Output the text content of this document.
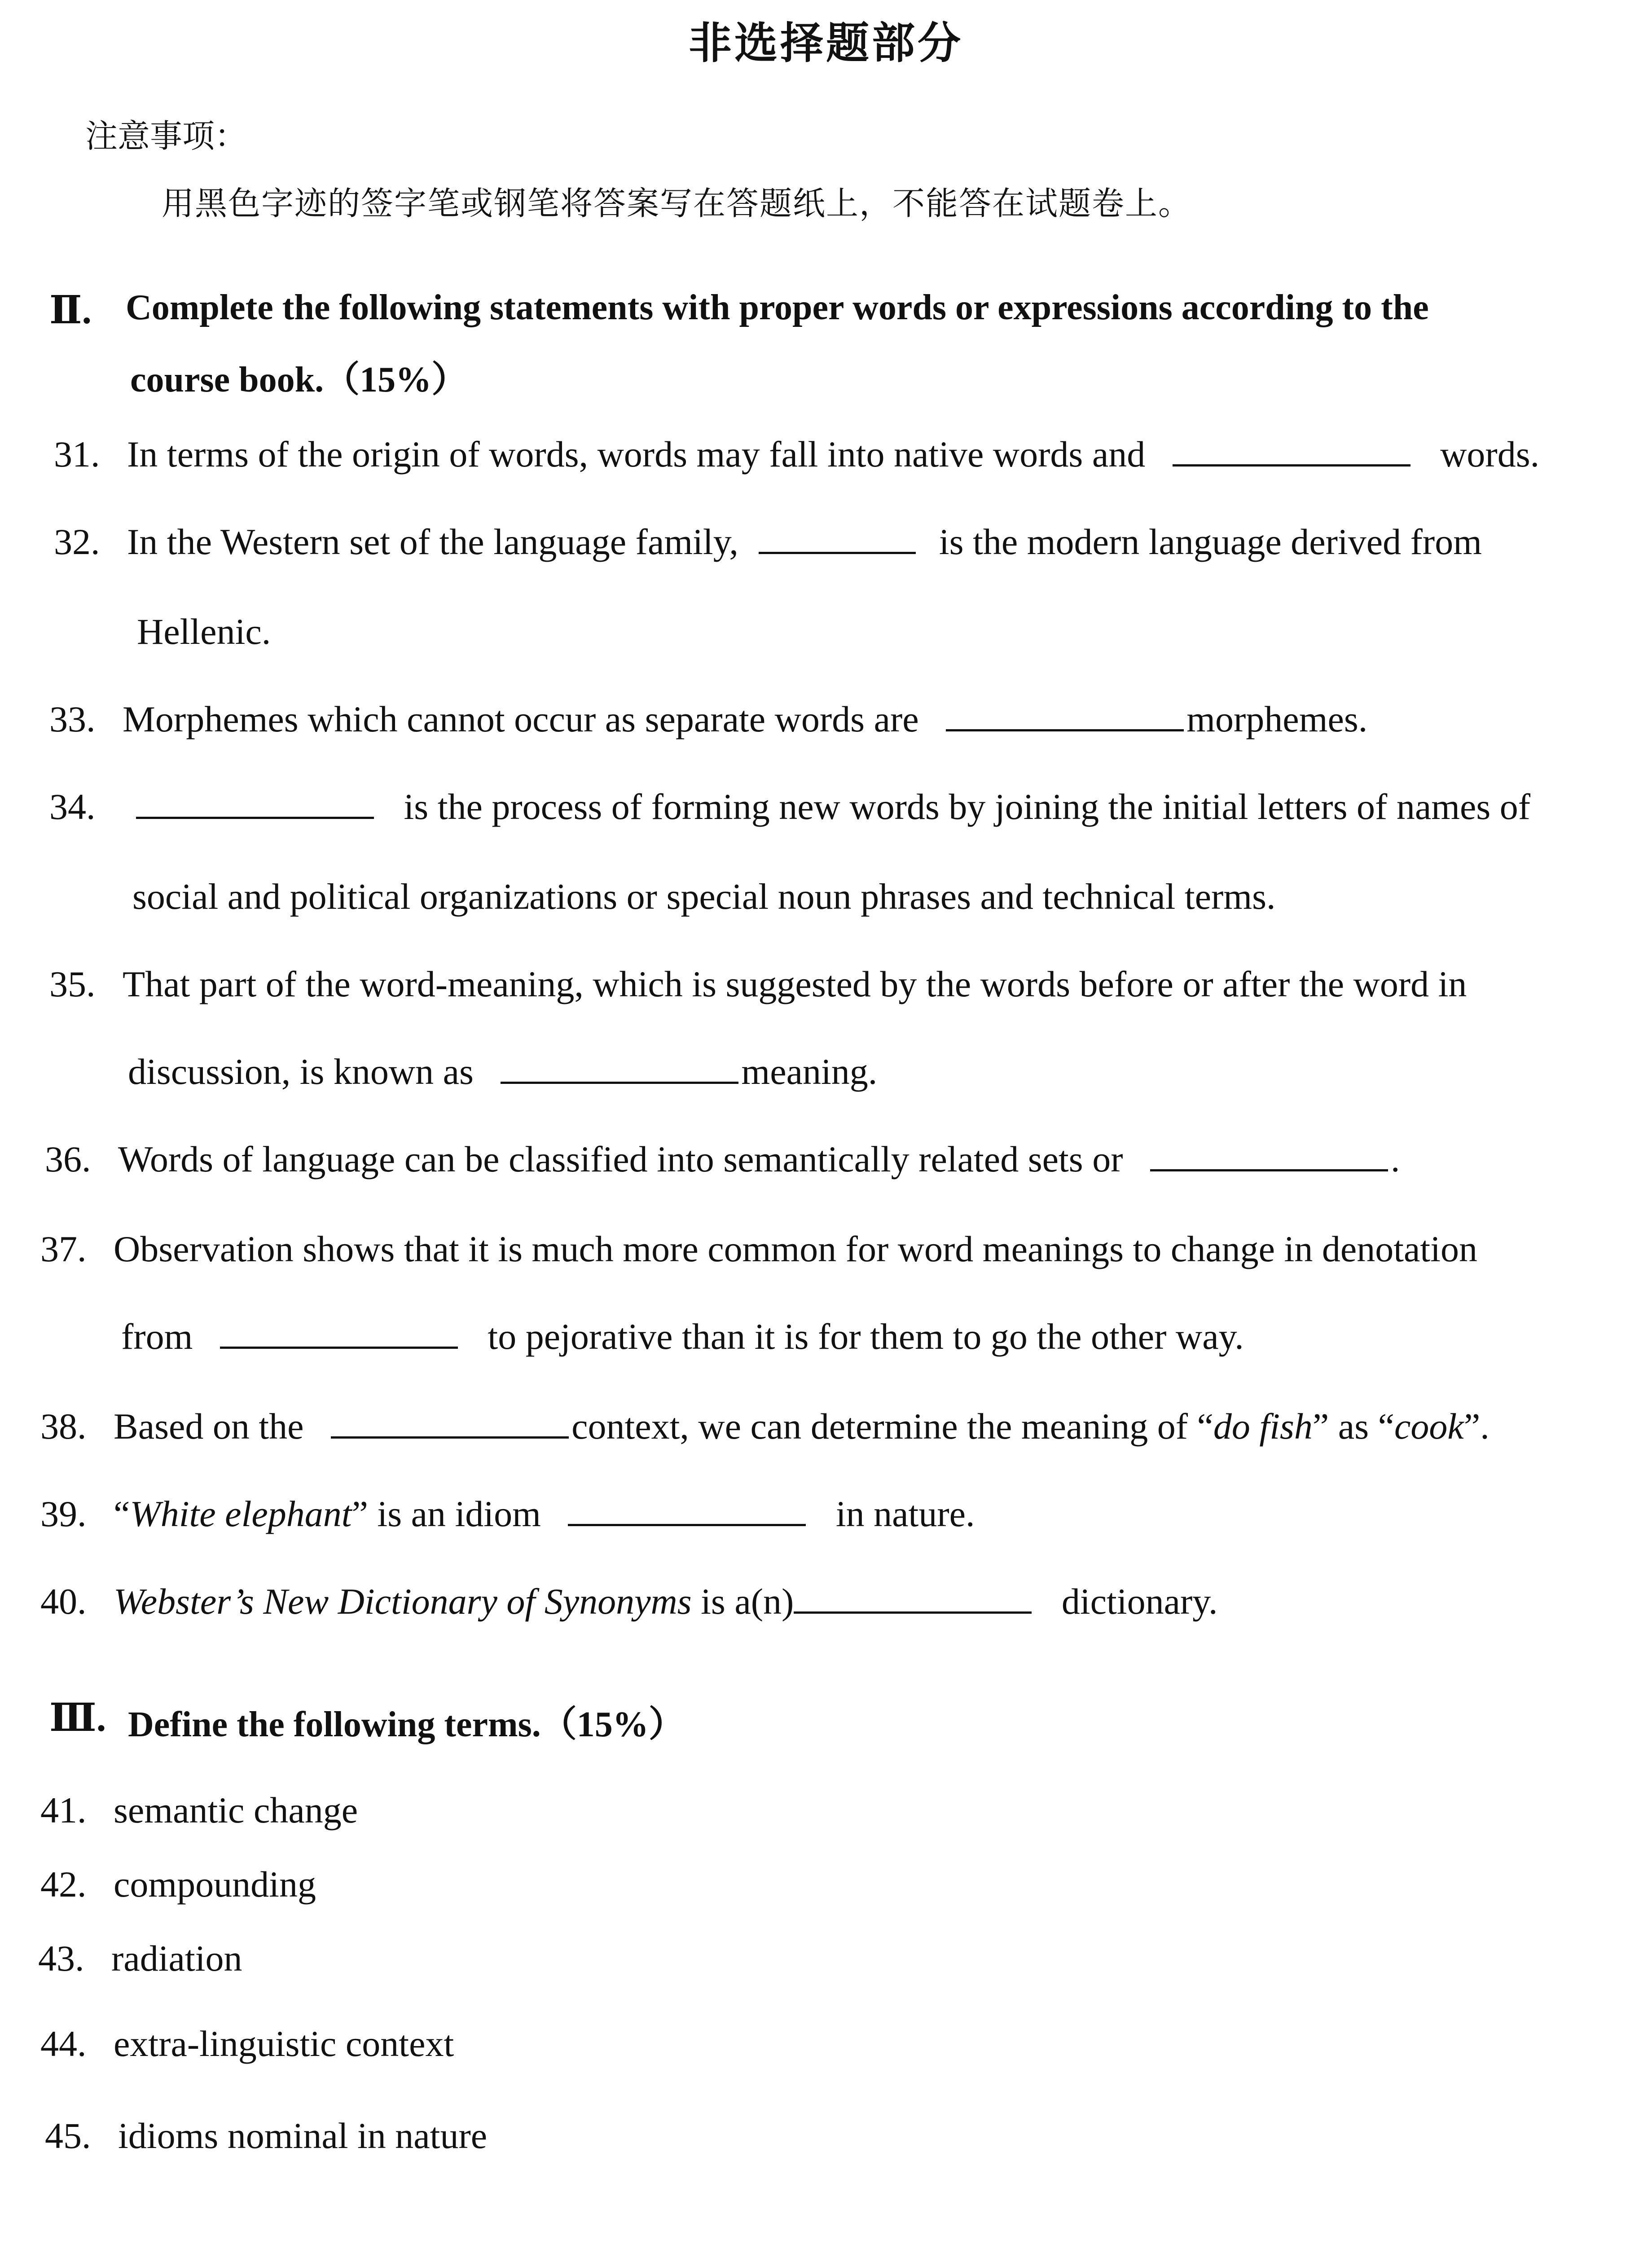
非选择题部分
注意事项：
用黑色字迹的签字笔或钢笔将答案写在答题纸上，不能答在试题卷上。
Ⅱ. Complete the following statements with proper words or expressions according to the
course book.（15%）
31. In terms of the origin of words, words may fall into native words and	words.
32. In the Western set of the language family,	is the modern language derived from
Hellenic.
33. Morphemes which cannot occur as separate words are	morphemes.
34.	is the process of forming new words by joining the initial letters of names of
social and political organizations or special noun phrases and technical terms.
35. That part of the word-meaning, which is suggested by the words before or after the word in
discussion, is known as	meaning.
36. Words of language can be classified into semantically related sets or	.
37. Observation shows that it is much more common for word meanings to change in denotation
from	to pejorative than it is for them to go the other way.
38. Based on the	context, we can determine the meaning of “do fish” as “cook”.
39. “White elephant” is an idiom	in nature.
40. Webster’s New Dictionary of Synonyms is a(n)	dictionary.
Ⅲ. Define the following terms.（15%）
41. semantic change
42. compounding
43. radiation
44. extra-linguistic context
45. idioms nominal in nature
